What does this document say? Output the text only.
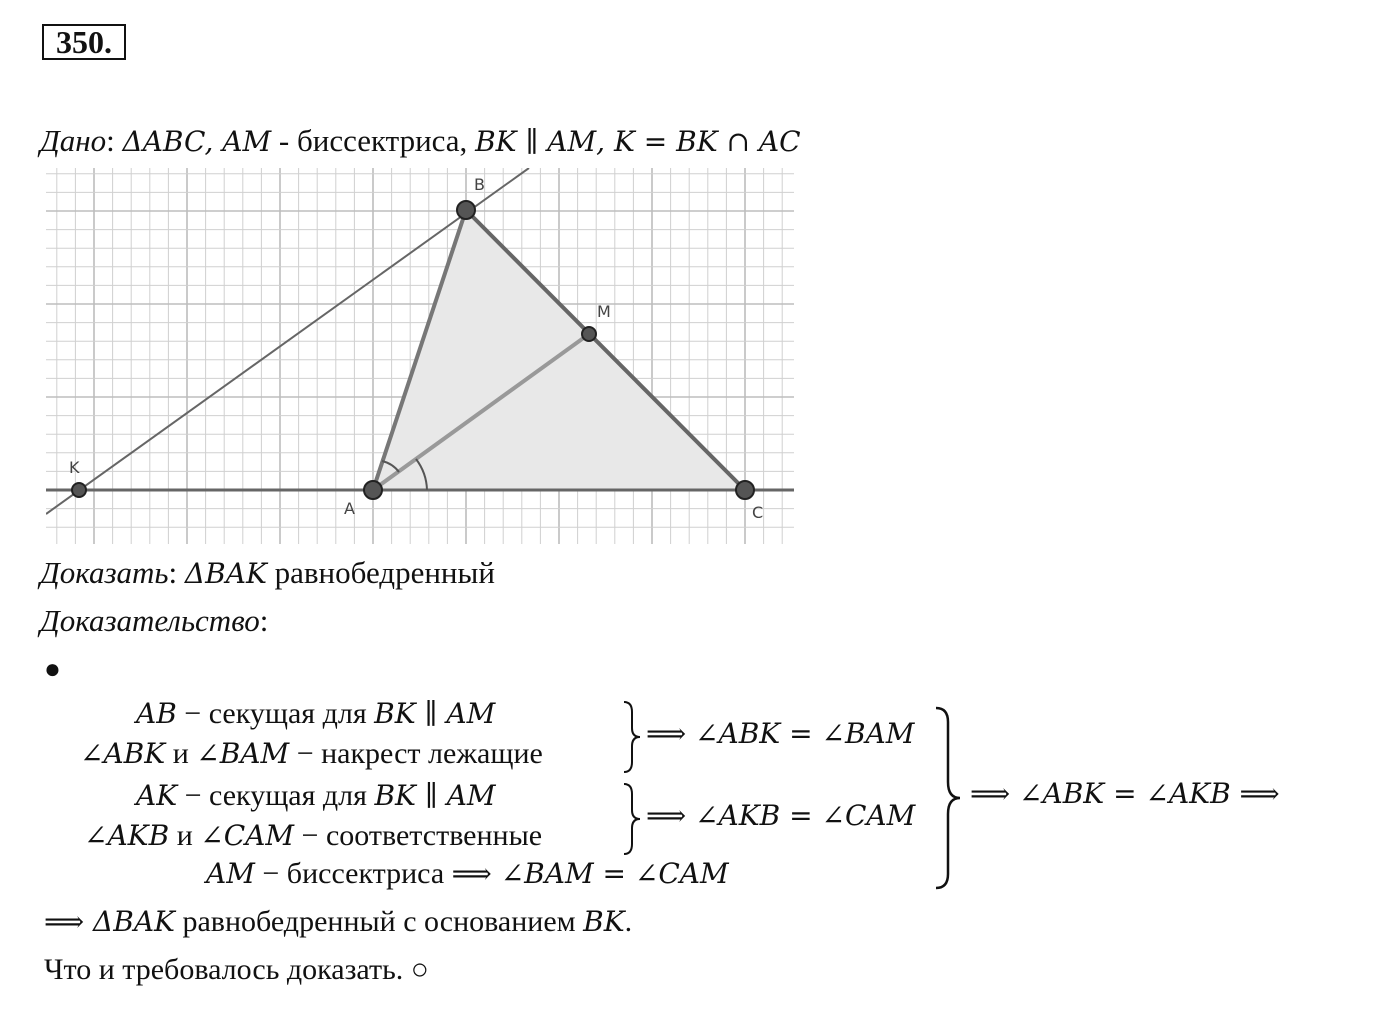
350.
Дано: ΔABC, AM - биссектриса, BK ∥ AM, K = BK ∩ AC
B
M
K
A	C
Доказать: ΔBAK равнобедренный
Доказательство:
●
AB − секущая для BK ∥ AM
∠ABK и ∠BAM − накрест лежащие
⟹ ∠ABK = ∠BAM
AK − секущая для BK ∥ AM
∠AKB и ∠CAM − соответственные
⟹ ∠AKB = ∠CAM
AM − биссектриса ⟹ ∠BAM = ∠CAM
⟹ ∠ABK = ∠AKB ⟹
⟹ ΔBAK равнобедренный с основанием BK.
Что и требовалось доказать. ○
